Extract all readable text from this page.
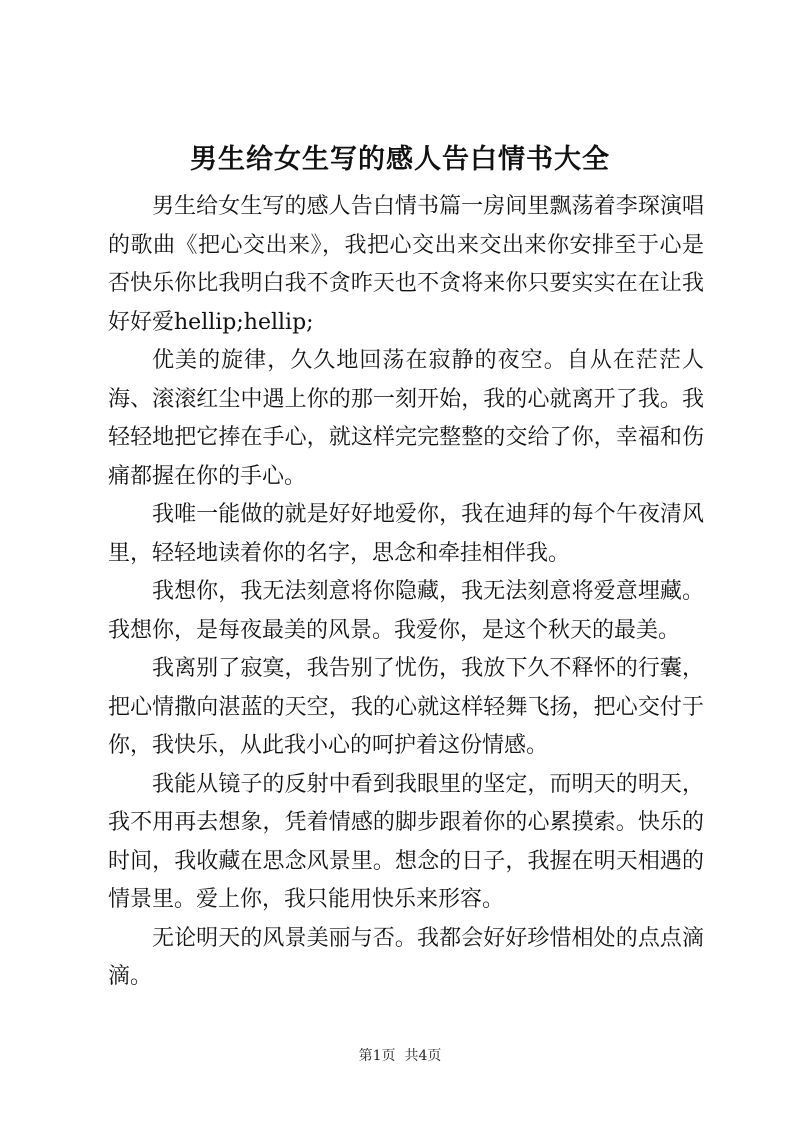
男生给女生写的感人告白情书大全

男生给女生写的感人告白情书篇一房间里飘荡着李琛演唱的歌曲《把心交出来》，我把心交出来交出来你安排至于心是否快乐你比我明白我不贪昨天也不贪将来你只要实实在在让我好好爱hellip;hellip;

优美的旋律，久久地回荡在寂静的夜空。自从在茫茫人海、滚滚红尘中遇上你的那一刻开始，我的心就离开了我。我轻轻地把它捧在手心，就这样完完整整的交给了你，幸福和伤痛都握在你的手心。

我唯一能做的就是好好地爱你，我在迪拜的每个午夜清风里，轻轻地读着你的名字，思念和牵挂相伴我。

我想你，我无法刻意将你隐藏，我无法刻意将爱意埋藏。我想你，是每夜最美的风景。我爱你，是这个秋天的最美。

我离别了寂寞，我告别了忧伤，我放下久不释怀的行囊，把心情撒向湛蓝的天空，我的心就这样轻舞飞扬，把心交付于你，我快乐，从此我小心的呵护着这份情感。

我能从镜子的反射中看到我眼里的坚定，而明天的明天，我不用再去想象，凭着情感的脚步跟着你的心累摸索。快乐的时间，我收藏在思念风景里。想念的日子，我握在明天相遇的情景里。爱上你，我只能用快乐来形容。

无论明天的风景美丽与否。我都会好好珍惜相处的点点滴滴。

第1页  共4页
